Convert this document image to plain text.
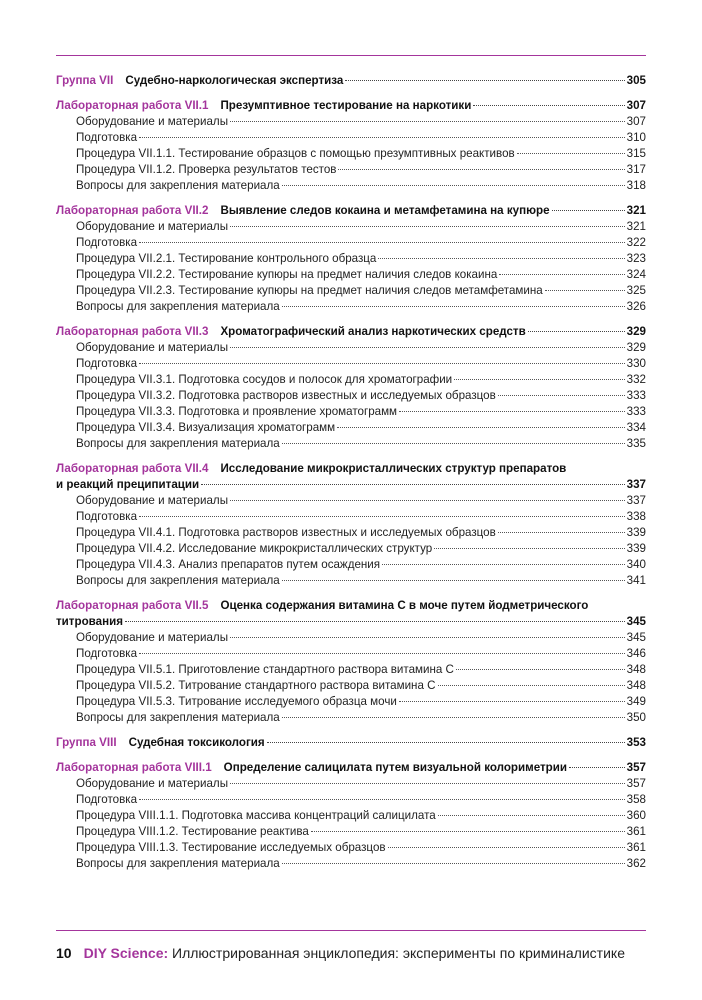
Группа VII Судебно-наркологическая экспертиза	305
Лабораторная работа VII.1 Презумптивное тестирование на наркотики	307
Оборудование и материалы	307
Подготовка	310
Процедура VII.1.1. Тестирование образцов с помощью презумптивных реактивов	315
Процедура VII.1.2. Проверка результатов тестов	317
Вопросы для закрепления материала	318
Лабораторная работа VII.2 Выявление следов кокаина и метамфетамина на купюре	321
Оборудование и материалы	321
Подготовка	322
Процедура VII.2.1. Тестирование контрольного образца	323
Процедура VII.2.2. Тестирование купюры на предмет наличия следов кокаина	324
Процедура VII.2.3. Тестирование купюры на предмет наличия следов метамфетамина	325
Вопросы для закрепления материала	326
Лабораторная работа VII.3 Хроматографический анализ наркотических средств	329
Оборудование и материалы	329
Подготовка	330
Процедура VII.3.1. Подготовка сосудов и полосок для хроматографии	332
Процедура VII.3.2. Подготовка растворов известных и исследуемых образцов	333
Процедура VII.3.3. Подготовка и проявление хроматограмм	333
Процедура VII.3.4. Визуализация хроматограмм	334
Вопросы для закрепления материала	335
Лабораторная работа VII.4 Исследование микрокристаллических структур препаратов
и реакций преципитации	337
Оборудование и материалы	337
Подготовка	338
Процедура VII.4.1. Подготовка растворов известных и исследуемых образцов	339
Процедура VII.4.2. Исследование микрокристаллических структур	339
Процедура VII.4.3. Анализ препаратов путем осаждения	340
Вопросы для закрепления материала	341
Лабораторная работа VII.5 Оценка содержания витамина С в моче путем йодметрического
титрования	345
Оборудование и материалы	345
Подготовка	346
Процедура VII.5.1. Приготовление стандартного раствора витамина С	348
Процедура VII.5.2. Титрование стандартного раствора витамина С	348
Процедура VII.5.3. Титрование исследуемого образца мочи	349
Вопросы для закрепления материала	350
Группа VIII Судебная токсикология	353
Лабораторная работа VIII.1 Определение салицилата путем визуальной колориметрии	357
Оборудование и материалы	357
Подготовка	358
Процедура VIII.1.1. Подготовка массива концентраций салицилата	360
Процедура VIII.1.2. Тестирование реактива	361
Процедура VIII.1.3. Тестирование исследуемых образцов	361
Вопросы для закрепления материала	362
10 DIY Science: Иллюстрированная энциклопедия: эксперименты по криминалистике
